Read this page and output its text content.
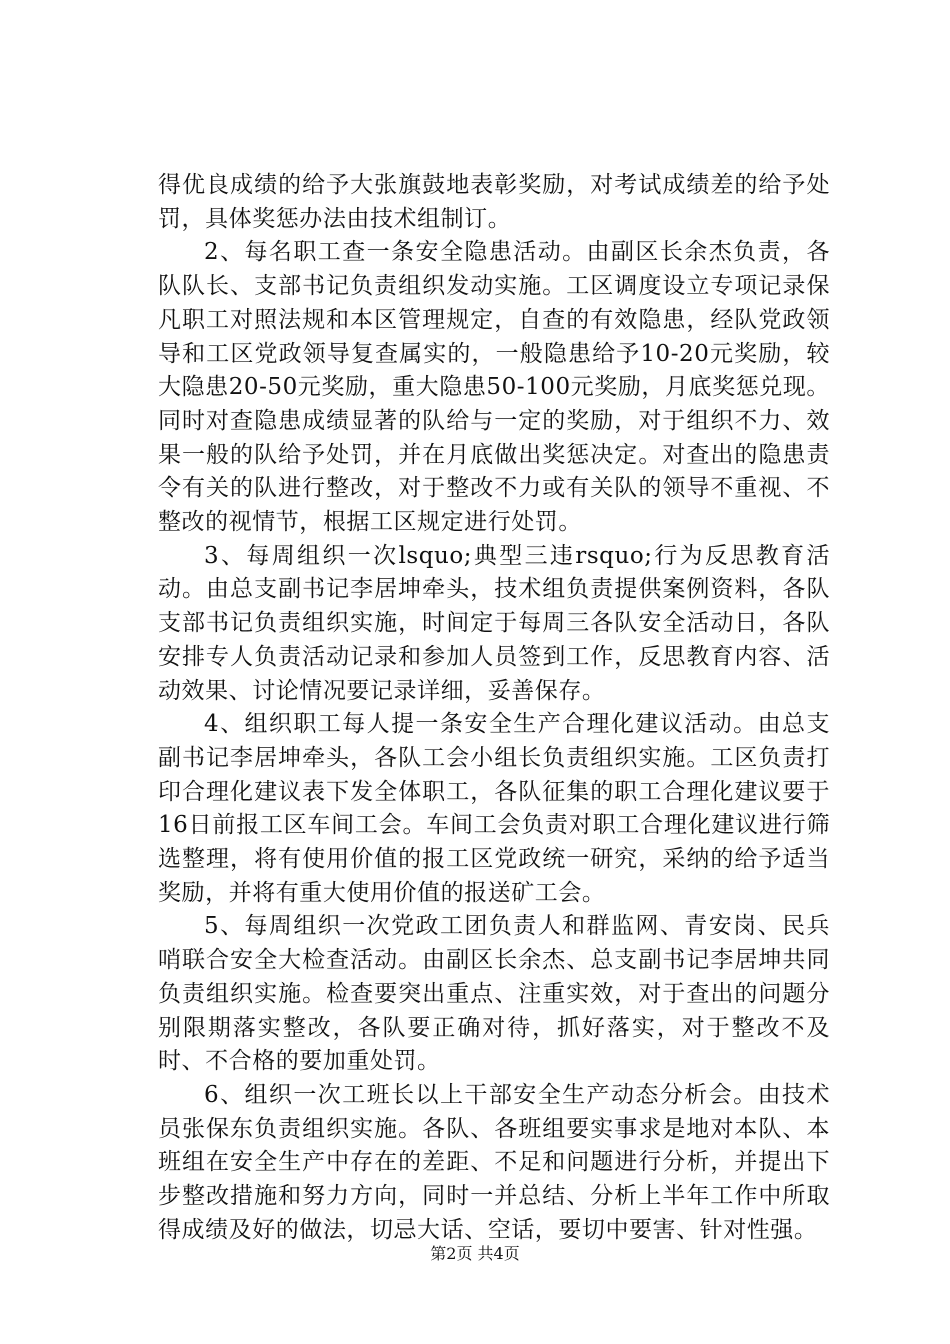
得优良成绩的给予大张旗鼓地表彰奖励，对考试成绩差的给予处罚，具体奖惩办法由技术组制订。

2、每名职工查一条安全隐患活动。由副区长余杰负责，各队队长、支部书记负责组织发动实施。工区调度设立专项记录保凡职工对照法规和本区管理规定，自查的有效隐患，经队党政领导和工区党政领导复查属实的，一般隐患给予10-20元奖励，较大隐患20-50元奖励，重大隐患50-100元奖励，月底奖惩兑现。同时对查隐患成绩显著的队给与一定的奖励，对于组织不力、效果一般的队给予处罚，并在月底做出奖惩决定。对查出的隐患责令有关的队进行整改，对于整改不力或有关队的领导不重视、不整改的视情节，根据工区规定进行处罚。

3、每周组织一次lsquo;典型三违rsquo;行为反思教育活动。由总支副书记李居坤牵头，技术组负责提供案例资料，各队支部书记负责组织实施，时间定于每周三各队安全活动日，各队安排专人负责活动记录和参加人员签到工作，反思教育内容、活动效果、讨论情况要记录详细，妥善保存。

4、组织职工每人提一条安全生产合理化建议活动。由总支副书记李居坤牵头，各队工会小组长负责组织实施。工区负责打印合理化建议表下发全体职工，各队征集的职工合理化建议要于16日前报工区车间工会。车间工会负责对职工合理化建议进行筛选整理，将有使用价值的报工区党政统一研究，采纳的给予适当奖励，并将有重大使用价值的报送矿工会。

5、每周组织一次党政工团负责人和群监网、青安岗、民兵哨联合安全大检查活动。由副区长余杰、总支副书记李居坤共同负责组织实施。检查要突出重点、注重实效，对于查出的问题分别限期落实整改，各队要正确对待，抓好落实，对于整改不及时、不合格的要加重处罚。

6、组织一次工班长以上干部安全生产动态分析会。由技术员张保东负责组织实施。各队、各班组要实事求是地对本队、本班组在安全生产中存在的差距、不足和问题进行分析，并提出下步整改措施和努力方向，同时一并总结、分析上半年工作中所取得成绩及好的做法，切忌大话、空话，要切中要害、针对性强。

第2页 共4页
